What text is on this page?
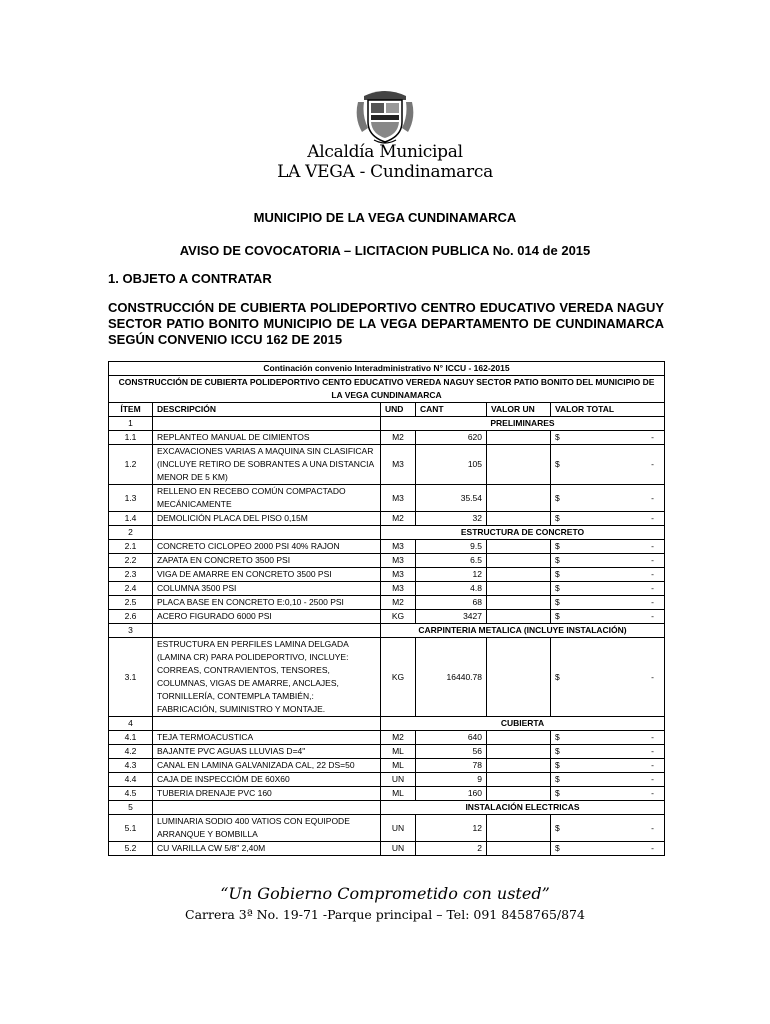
Alcaldía Municipal
LA VEGA - Cundinamarca
MUNICIPIO DE LA VEGA CUNDINAMARCA
AVISO DE COVOCATORIA – LICITACION PUBLICA No. 014 de 2015
1. OBJETO A CONTRATAR
CONSTRUCCIÓN DE CUBIERTA POLIDEPORTIVO CENTRO EDUCATIVO VEREDA NAGUY SECTOR PATIO BONITO MUNICIPIO DE LA VEGA DEPARTAMENTO DE CUNDINAMARCA SEGÚN CONVENIO ICCU 162 DE 2015
Continación convenio Interadministrativo N° ICCU - 162-2015					
CONSTRUCCIÓN DE CUBIERTA POLIDEPORTIVO CENTO EDUCATIVO VEREDA NAGUY SECTOR PATIO BONITO DEL MUNICIPIO DE LA VEGA CUNDINAMARCA					
ÍTEM	DESCRIPCIÓN	UND	CANT	VALOR UN	VALOR TOTAL
1		PRELIMINARES			
1.1	REPLANTEO MANUAL DE CIMIENTOS	M2	620		$ -

1.2	EXCAVACIONES VARIAS A MAQUINA SIN CLASIFICAR (INCLUYE RETIRO DE SOBRANTES A UNA DISTANCIA MENOR DE 5 KM)	M3	105		$ -

1.3	RELLENO EN RECEBO COMÚN COMPACTADO MECÁNICAMENTE	M3	35.54		$ -

1.4	DEMOLICIÓN PLACA DEL PISO 0,15M	M2	32		$ -

2		ESTRUCTURA DE CONCRETO			
2.1	CONCRETO CICLOPEO 2000 PSI 40% RAJON	M3	9.5		$ -

2.2	ZAPATA EN CONCRETO 3500 PSI	M3	6.5		$ -

2.3	VIGA DE AMARRE EN CONCRETO 3500 PSI	M3	12		$ -

2.4	COLUMNA 3500 PSI	M3	4.8		$ -

2.5	PLACA BASE EN CONCRETO E:0,10 - 2500 PSI	M2	68		$ -

2.6	ACERO FIGURADO 6000 PSI	KG	3427		$ -

3		CARPINTERIA METALICA (INCLUYE INSTALACIÓN)			
3.1	ESTRUCTURA EN PERFILES LAMINA DELGADA (LAMINA CR) PARA POLIDEPORTIVO, INCLUYE: CORREAS, CONTRAVIENTOS, TENSORES, COLUMNAS, VIGAS DE AMARRE, ANCLAJES, TORNILLERÍA, CONTEMPLA TAMBIÉN,: FABRICACIÓN, SUMINISTRO Y MONTAJE.	KG	16440.78		$ -

4		CUBIERTA			
4.1	TEJA TERMOACUSTICA	M2	640		$ -

4.2	BAJANTE PVC AGUAS LLUVIAS D=4"	ML	56		$ -

4.3	CANAL EN LAMINA GALVANIZADA CAL, 22 DS=50	ML	78		$ -

4.4	CAJA DE INSPECCIÓM DE 60X60	UN	9		$ -

4.5	TUBERIA DRENAJE PVC 160	ML	160		$ -

5		INSTALACIÓN ELECTRICAS			
5.1	LUMINARIA SODIO 400 VATIOS CON EQUIPODE ARRANQUE Y BOMBILLA	UN	12		$ -

5.2	CU VARILLA CW 5/8" 2,40M	UN	2		$ -
“Un Gobierno Comprometido con usted”
Carrera 3ª No. 19-71 -Parque principal – Tel: 091 8458765/874
